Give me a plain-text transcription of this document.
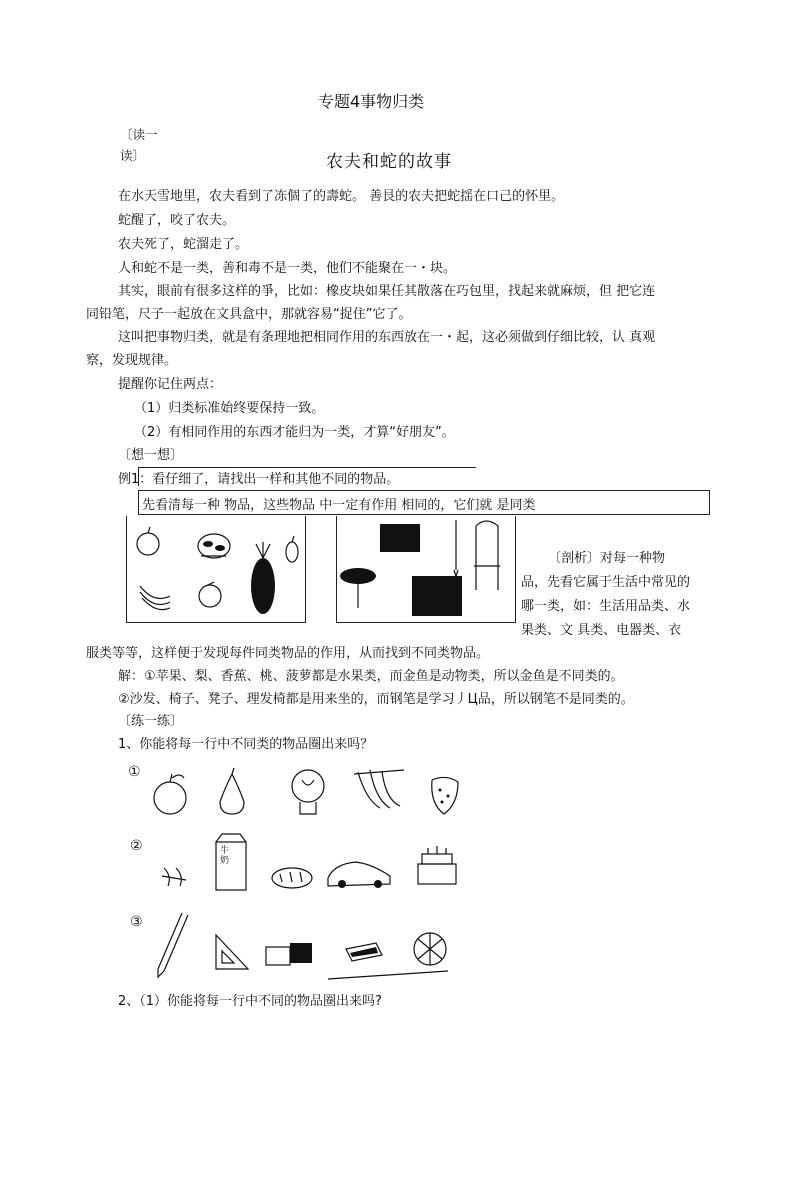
专题4事物归类
〔读一
读〕	农夫和蛇的故事
在水天雪地里，农夫看到了冻個了的壽蛇。 善艮的农夫把蛇揺在口己的怀里。
蛇醒了，咬了农夫。
农夫死了，蛇溜走了。
人和蛇不是一类，善和毒不是一类，他们不能聚在一・块。
其实，眼前有很多这样的爭，比如：橡皮块如果任其散落在巧包里，找起来就麻烦，但 把它连
同铅笔，尺子一起放在文具盒中，那就容易“捉住”它了。
这叫把事物归类，就是有条理地把相同作用的东西放在一・起，这必须做到仔细比较，认 真观
察，发现规律。
提醒你记住两点：
（1）归类标准始终要保持一致。
（2）有相同作用的东西才能归为一类，才算“好朋友”。
〔想一想〕
例1：看仔细了，请找出一样和其他不同的物品。
先看清每一种 物品，这些物品 中一定有作用 相同的，它们就 是同类
〔剖析〕对每一种物
品，先看它属于生活中常见的
哪一类，如：生活用品类、水
果类、文 具类、电器类、衣
服类等等，这样便于发现每件同类物品的作用，从而找到不同类物品。
解：①苹果、梨、香蕉、桃、菠萝都是水果类，而金鱼是动物类，所以金鱼是不同类的。
②沙发、椅子、凳子、理发椅都是用来坐的，而钢笔是学习丿Ц品，所以钢笔不是同类的。
〔练一练〕
1、你能将每一行中不同类的物品圈出来吗？
①
②	牛奶
③
2、（1）你能将每一行中不同的物品圈出来吗?
